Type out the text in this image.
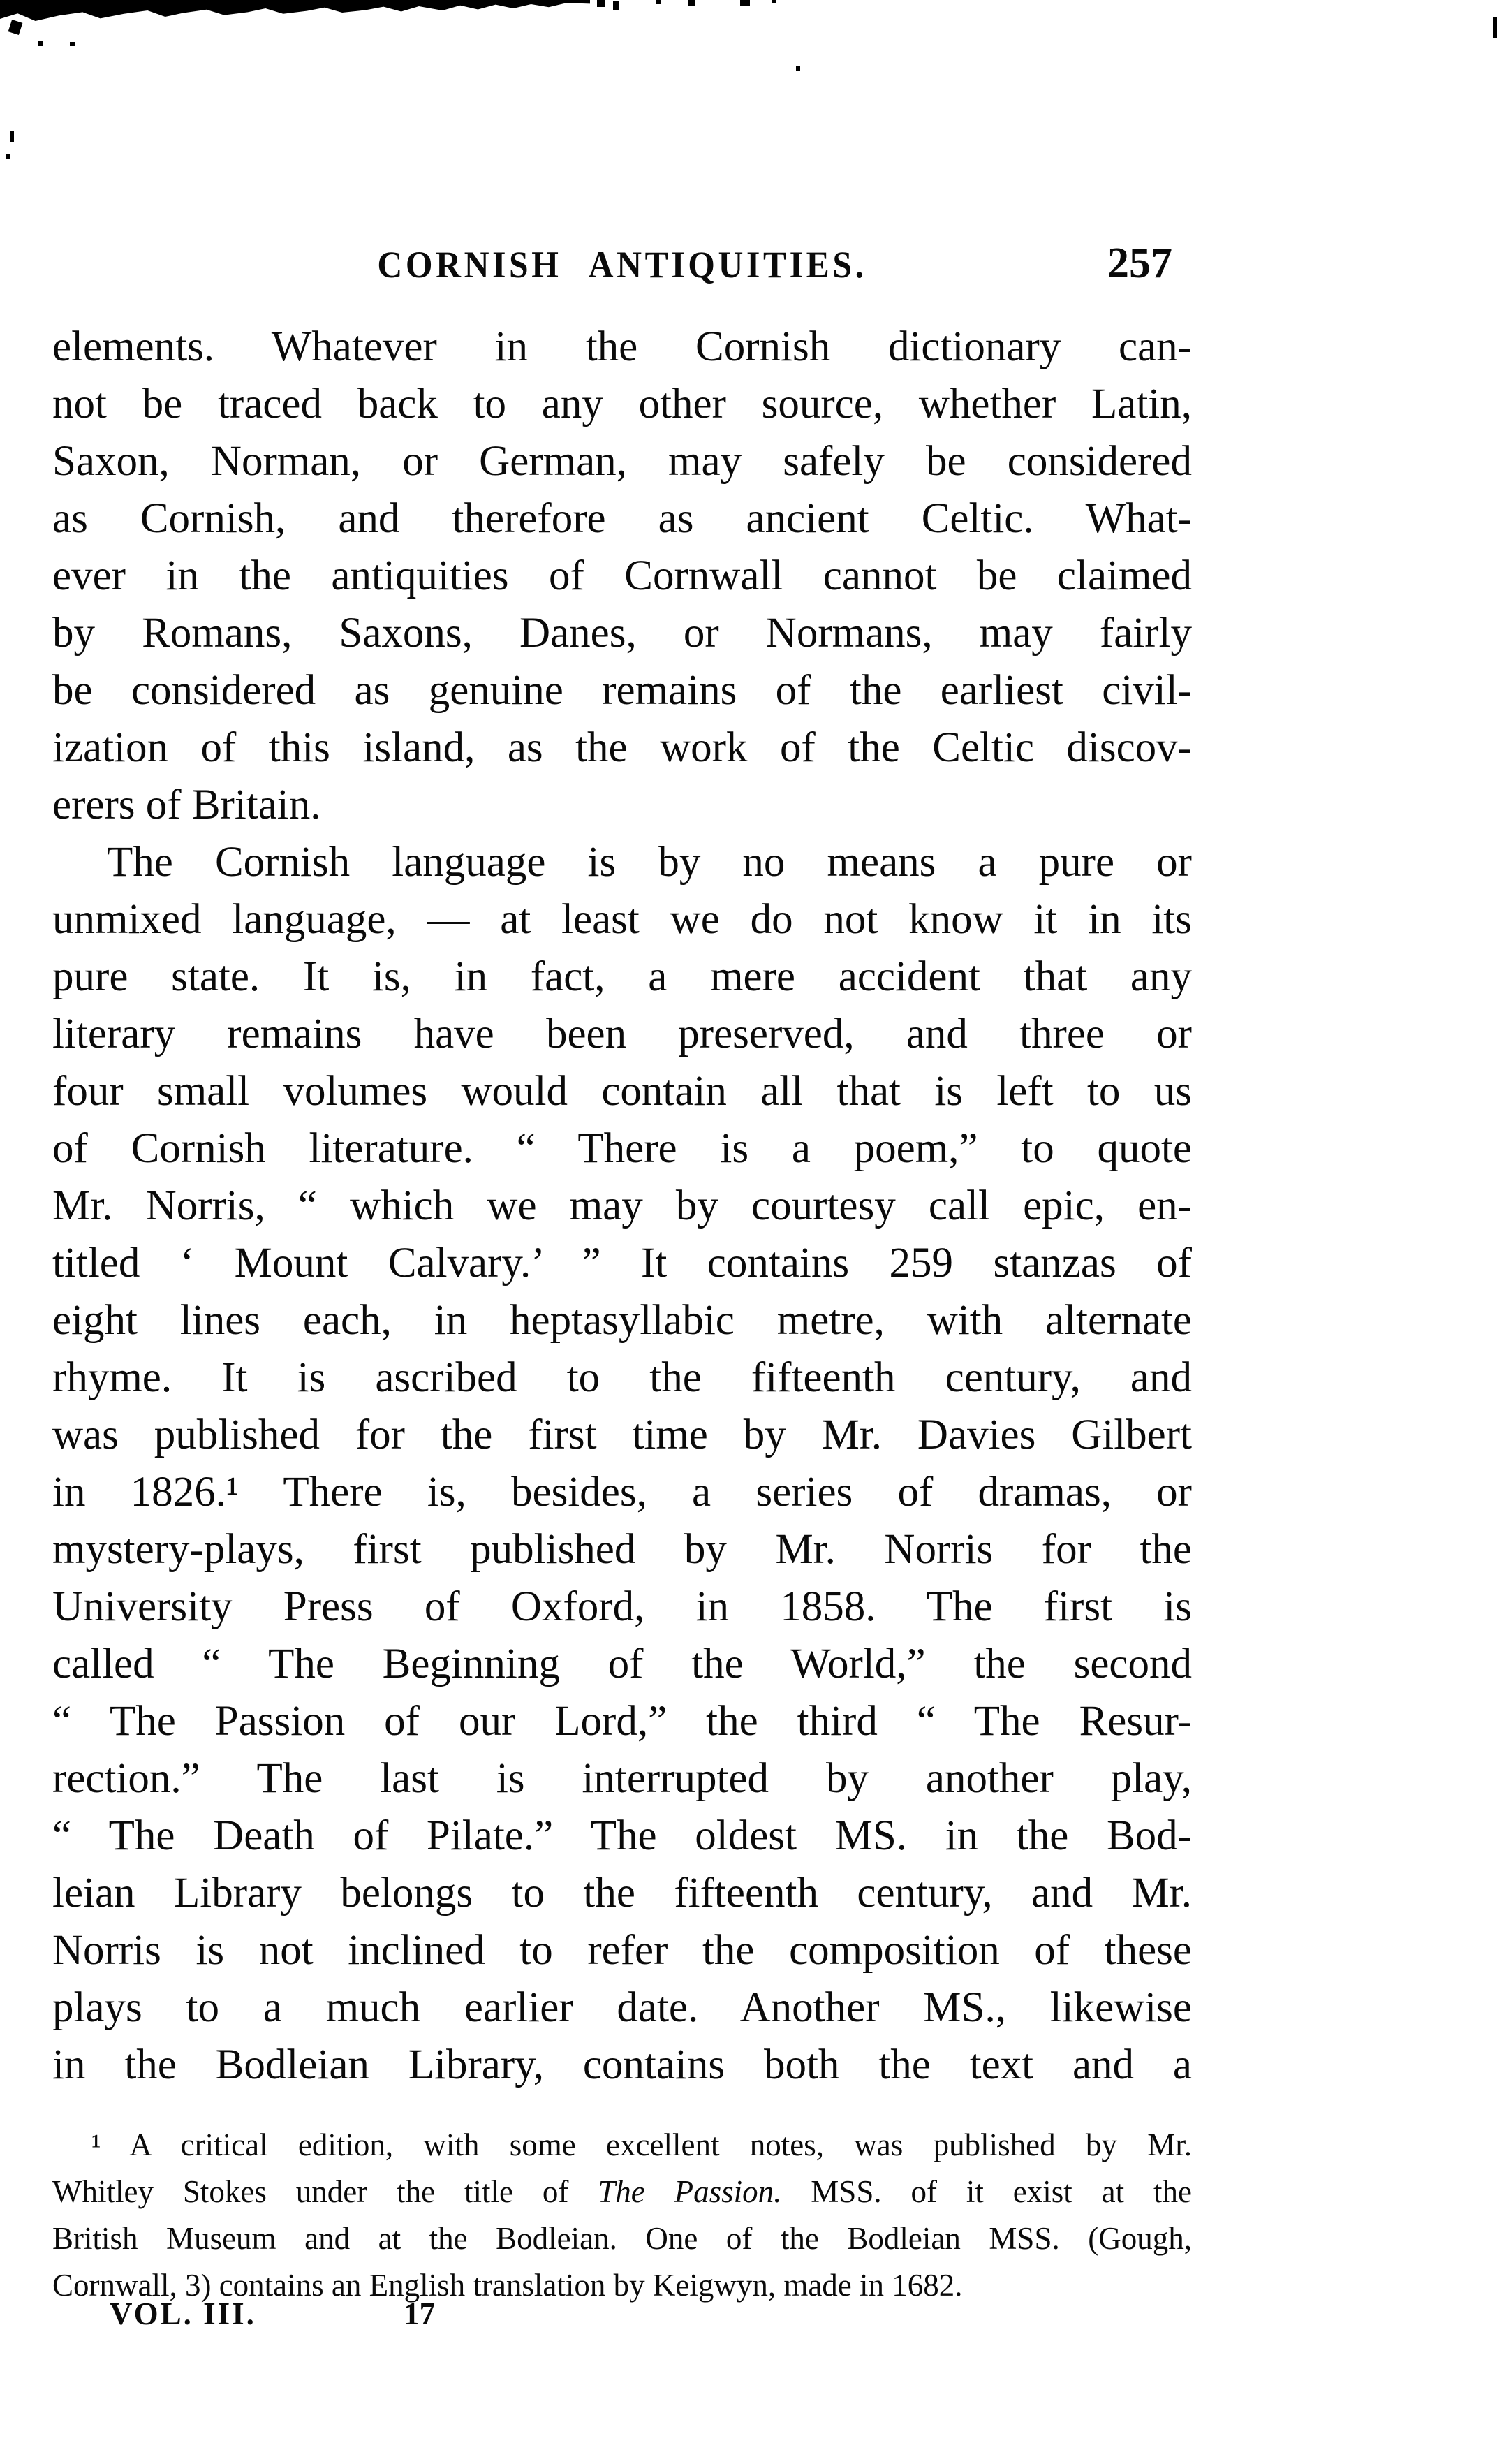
CORNISH ANTIQUITIES.	257
elements. Whatever in the Cornish dictionary can-
not be traced back to any other source, whether Latin,
Saxon, Norman, or German, may safely be considered
as Cornish, and therefore as ancient Celtic. What-
ever in the antiquities of Cornwall cannot be claimed
by Romans, Saxons, Danes, or Normans, may fairly
be considered as genuine remains of the earliest civil-
ization of this island, as the work of the Celtic discov-
erers of Britain.
The Cornish language is by no means a pure or
unmixed language, — at least we do not know it in its
pure state. It is, in fact, a mere accident that any
literary remains have been preserved, and three or
four small volumes would contain all that is left to us
of Cornish literature. “ There is a poem,” to quote
Mr. Norris, “ which we may by courtesy call epic, en-
titled ‘ Mount Calvary.’ ” It contains 259 stanzas of
eight lines each, in heptasyllabic metre, with alternate
rhyme. It is ascribed to the fifteenth century, and
was published for the first time by Mr. Davies Gilbert
in 1826.¹ There is, besides, a series of dramas, or
mystery-plays, first published by Mr. Norris for the
University Press of Oxford, in 1858. The first is
called “ The Beginning of the World,” the second
“ The Passion of our Lord,” the third “ The Resur-
rection.” The last is interrupted by another play,
“ The Death of Pilate.” The oldest MS. in the Bod-
leian Library belongs to the fifteenth century, and Mr.
Norris is not inclined to refer the composition of these
plays to a much earlier date. Another MS., likewise
in the Bodleian Library, contains both the text and a
¹ A critical edition, with some excellent notes, was published by Mr.
Whitley Stokes under the title of The Passion. MSS. of it exist at the
British Museum and at the Bodleian. One of the Bodleian MSS. (Gough,
Cornwall, 3) contains an English translation by Keigwyn, made in 1682.
VOL. III.	17
